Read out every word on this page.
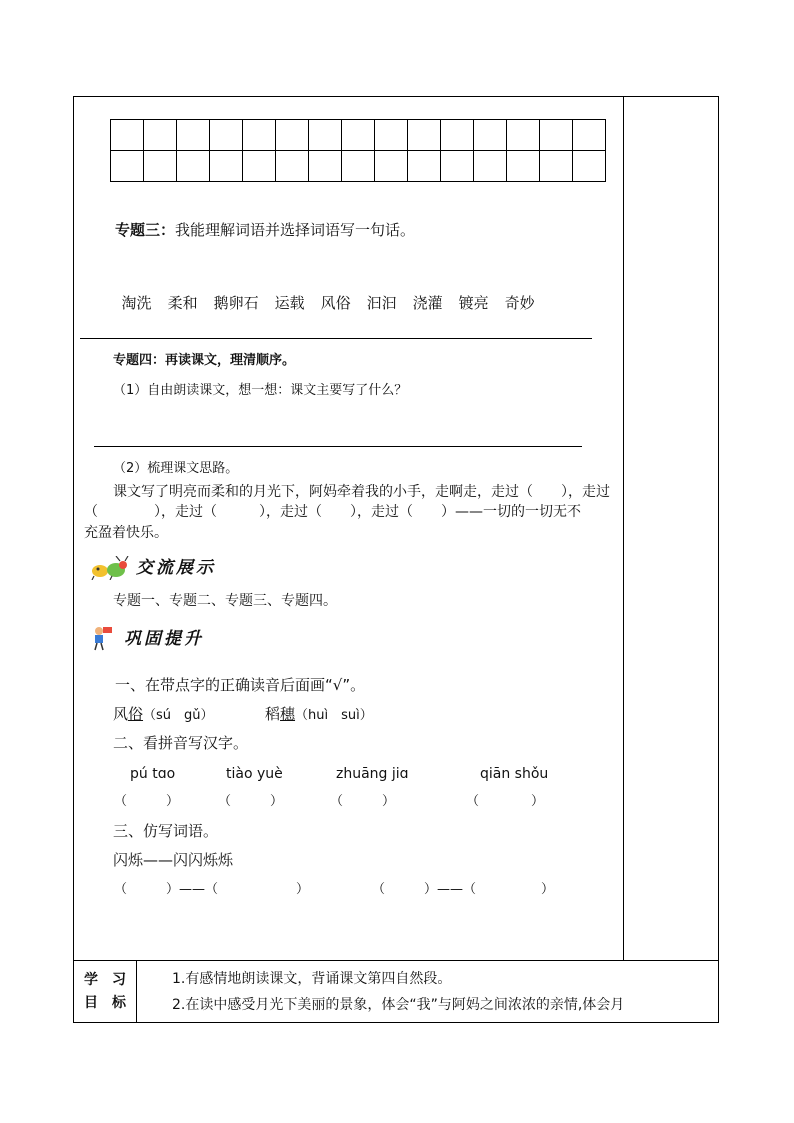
专题三：我能理解词语并选择词语写一句话。

淘洗 柔和 鹅卵石 运载 风俗 汩汩 浇灌 镀亮 奇妙

专题四：再读课文，理清顺序。
（1）自由朗读课文，想一想：课文主要写了什么？
（2）梳理课文思路。
课文写了明亮而柔和的月光下，阿妈牵着我的小手，走啊走，走过（　　），走过
（　　　　），走过（　　　），走过（　　），走过（　　）——一切的一切无不
充盈着快乐。
交流展示
专题一、专题二、专题三、专题四。
巩固提升
一、在带点字的正确读音后面画“√”。
风俗（sú　gǔ）	稻穗（huì　suì）
二、看拼音写汉字。
pú tɑo	tiào yuè	zhuāng jiɑ	qiān shǒu
（　　　）	（　　　）	（　　　）	（　　　　）
三、仿写词语。
闪烁——闪闪烁烁
（　　　）——（　　　　　　）	（　　　）——（　　　　　）
学　习
目　标
1.有感情地朗读课文，背诵课文第四自然段。
2.在读中感受月光下美丽的景象，体会“我”与阿妈之间浓浓的亲情,体会月
